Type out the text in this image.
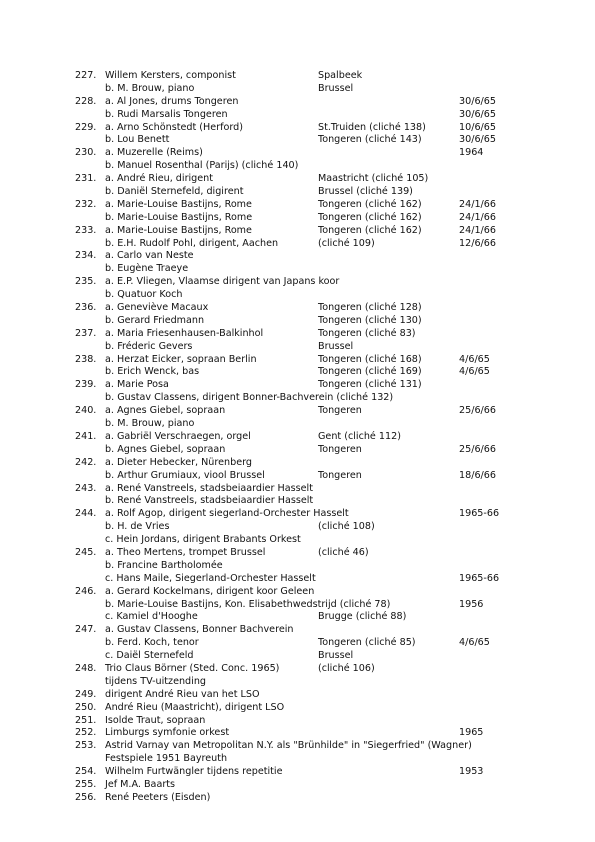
227. Willem Kersters, componist	Spalbeek
b. M. Brouw, piano	Brussel
228. a. Al Jones, drums Tongeren	30/6/65
b. Rudi Marsalis Tongeren	30/6/65
229. a. Arno Schönstedt (Herford)	St.Truiden (cliché 138)	10/6/65
b. Lou Benett	Tongeren (cliché 143)	30/6/65
230. a. Muzerelle (Reims)	1964
b. Manuel Rosenthal (Parijs) (cliché 140)
231. a. André Rieu, dirigent	Maastricht (cliché 105)
b. Daniël Sternefeld, digirent	Brussel (cliché 139)
232. a. Marie-Louise Bastijns, Rome	Tongeren (cliché 162)	24/1/66
b. Marie-Louise Bastijns, Rome	Tongeren (cliché 162)	24/1/66
233. a. Marie-Louise Bastijns, Rome	Tongeren (cliché 162)	24/1/66
b. E.H. Rudolf Pohl, dirigent, Aachen	(cliché 109)	12/6/66
234. a. Carlo van Neste
b. Eugène Traeye
235. a. E.P. Vliegen, Vlaamse dirigent van Japans koor
b. Quatuor Koch
236. a. Geneviève Macaux	Tongeren (cliché 128)
b. Gerard Friedmann	Tongeren (cliché 130)
237. a. Maria Friesenhausen-Balkinhol	Tongeren (cliché 83)
b. Fréderic Gevers	Brussel
238. a. Herzat Eicker, sopraan Berlin	Tongeren (cliché 168)	4/6/65
b. Erich Wenck, bas	Tongeren (cliché 169)	4/6/65
239. a. Marie Posa	Tongeren (cliché 131)
b. Gustav Classens, dirigent Bonner-Bachverein (cliché 132)
240. a. Agnes Giebel, sopraan	Tongeren	25/6/66
b. M. Brouw, piano
241. a. Gabriël Verschraegen, orgel	Gent (cliché 112)
b. Agnes Giebel, sopraan	Tongeren	25/6/66
242. a. Dieter Hebecker, Nürenberg
b. Arthur Grumiaux, viool Brussel	Tongeren	18/6/66
243. a. René Vanstreels, stadsbeiaardier Hasselt
b. René Vanstreels, stadsbeiaardier Hasselt
244. a. Rolf Agop, dirigent siegerland-Orchester Hasselt	1965-66
b. H. de Vries	(cliché 108)
c. Hein Jordans, dirigent Brabants Orkest
245. a. Theo Mertens, trompet Brussel	(cliché 46)
b. Francine Bartholomée
c. Hans Maile, Siegerland-Orchester Hasselt	1965-66
246. a. Gerard Kockelmans, dirigent koor Geleen
b. Marie-Louise Bastijns, Kon. Elisabethwedstrijd (cliché 78)	1956
c. Kamiel d'Hooghe	Brugge (cliché 88)
247. a. Gustav Classens, Bonner Bachverein
b. Ferd. Koch, tenor	Tongeren (cliché 85)	4/6/65
c. Daiël Sternefeld	Brussel
248. Trio Claus Börner (Sted. Conc. 1965)	(cliché 106)
tijdens TV-uitzending
249. dirigent André Rieu van het LSO
250. André Rieu (Maastricht), dirigent LSO
251. Isolde Traut, sopraan
252. Limburgs symfonie orkest	1965
253. Astrid Varnay van Metropolitan N.Y. als "Brünhilde" in "Siegerfried" (Wagner)
Festspiele 1951 Bayreuth
254. Wilhelm Furtwängler tijdens repetitie	1953
255. Jef M.A. Baarts
256. René Peeters (Eisden)
